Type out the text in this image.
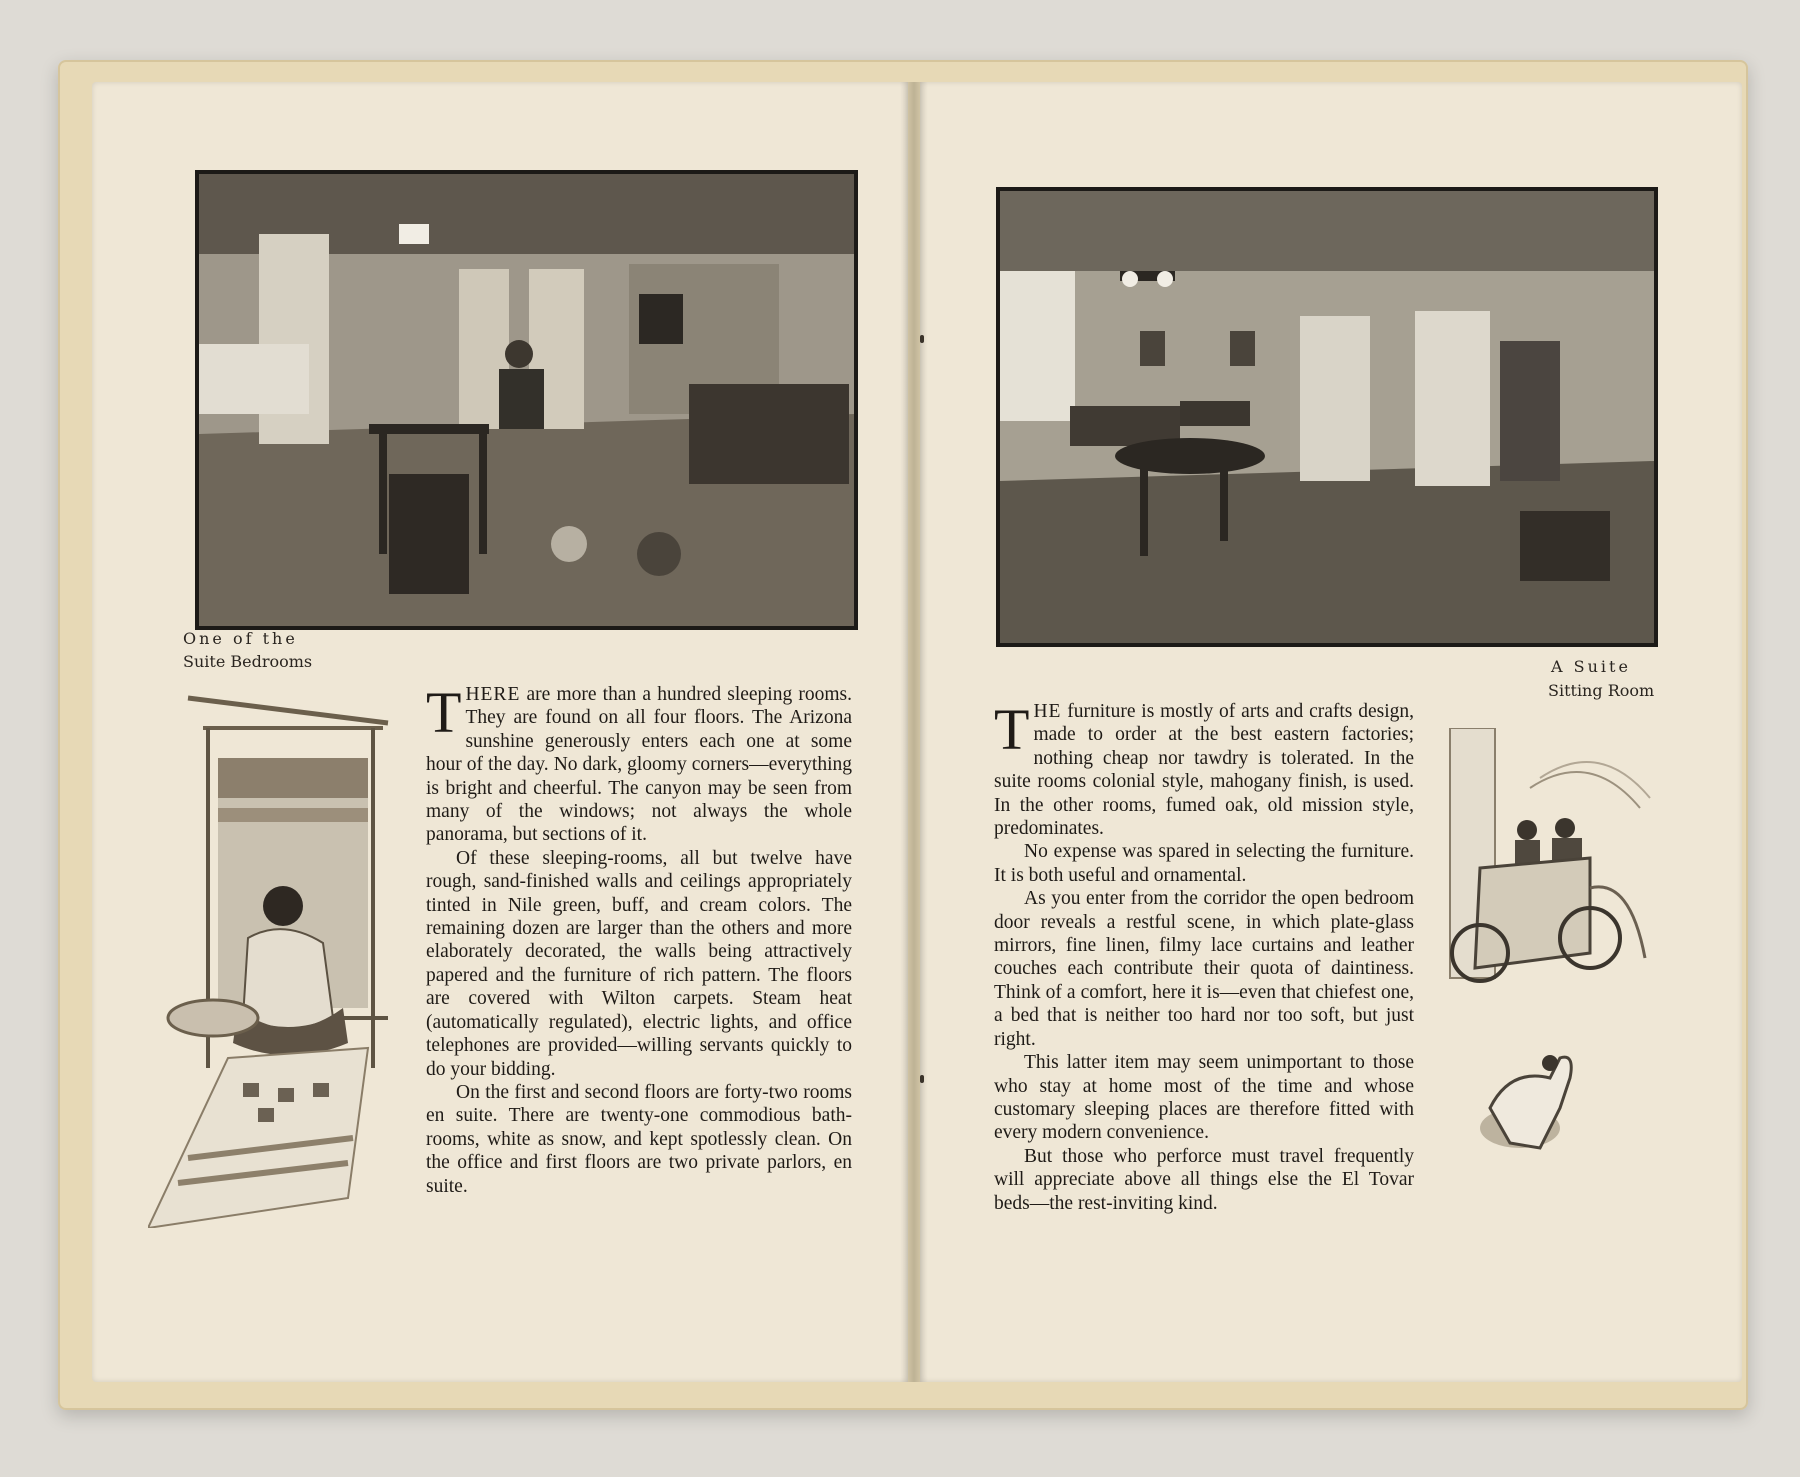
One of the
Suite Bedrooms

THERE are more than a hundred sleeping rooms. They are found on all four floors. The Arizona sunshine generously enters each one at some hour of the day. No dark, gloomy corners—everything is bright and cheerful. The canyon may be seen from many of the windows; not always the whole panorama, but sections of it.

Of these sleeping-rooms, all but twelve have rough, sand-finished walls and ceilings appropriately tinted in Nile green, buff, and cream colors. The remaining dozen are larger than the others and more elaborately decorated, the walls being attractively papered and the furniture of rich pattern. The floors are covered with Wilton carpets. Steam heat (automatically regulated), electric lights, and office telephones are provided—willing servants quickly to do your bidding.

On the first and second floors are forty-two rooms en suite. There are twenty-one commodious bath-rooms, white as snow, and kept spotlessly clean. On the office and first floors are two private parlors, en suite.

A Suite
Sitting Room

THE furniture is mostly of arts and crafts design, made to order at the best eastern factories; nothing cheap nor tawdry is tolerated. In the suite rooms colonial style, mahogany finish, is used. In the other rooms, fumed oak, old mission style, predominates.

No expense was spared in selecting the furniture. It is both useful and ornamental.

As you enter from the corridor the open bedroom door reveals a restful scene, in which plate-glass mirrors, fine linen, filmy lace curtains and leather couches each contribute their quota of daintiness. Think of a comfort, here it is—even that chiefest one, a bed that is neither too hard nor too soft, but just right.

This latter item may seem unimportant to those who stay at home most of the time and whose customary sleeping places are therefore fitted with every modern convenience.

But those who perforce must travel frequently will appreciate above all things else the El Tovar beds—the rest-inviting kind.
